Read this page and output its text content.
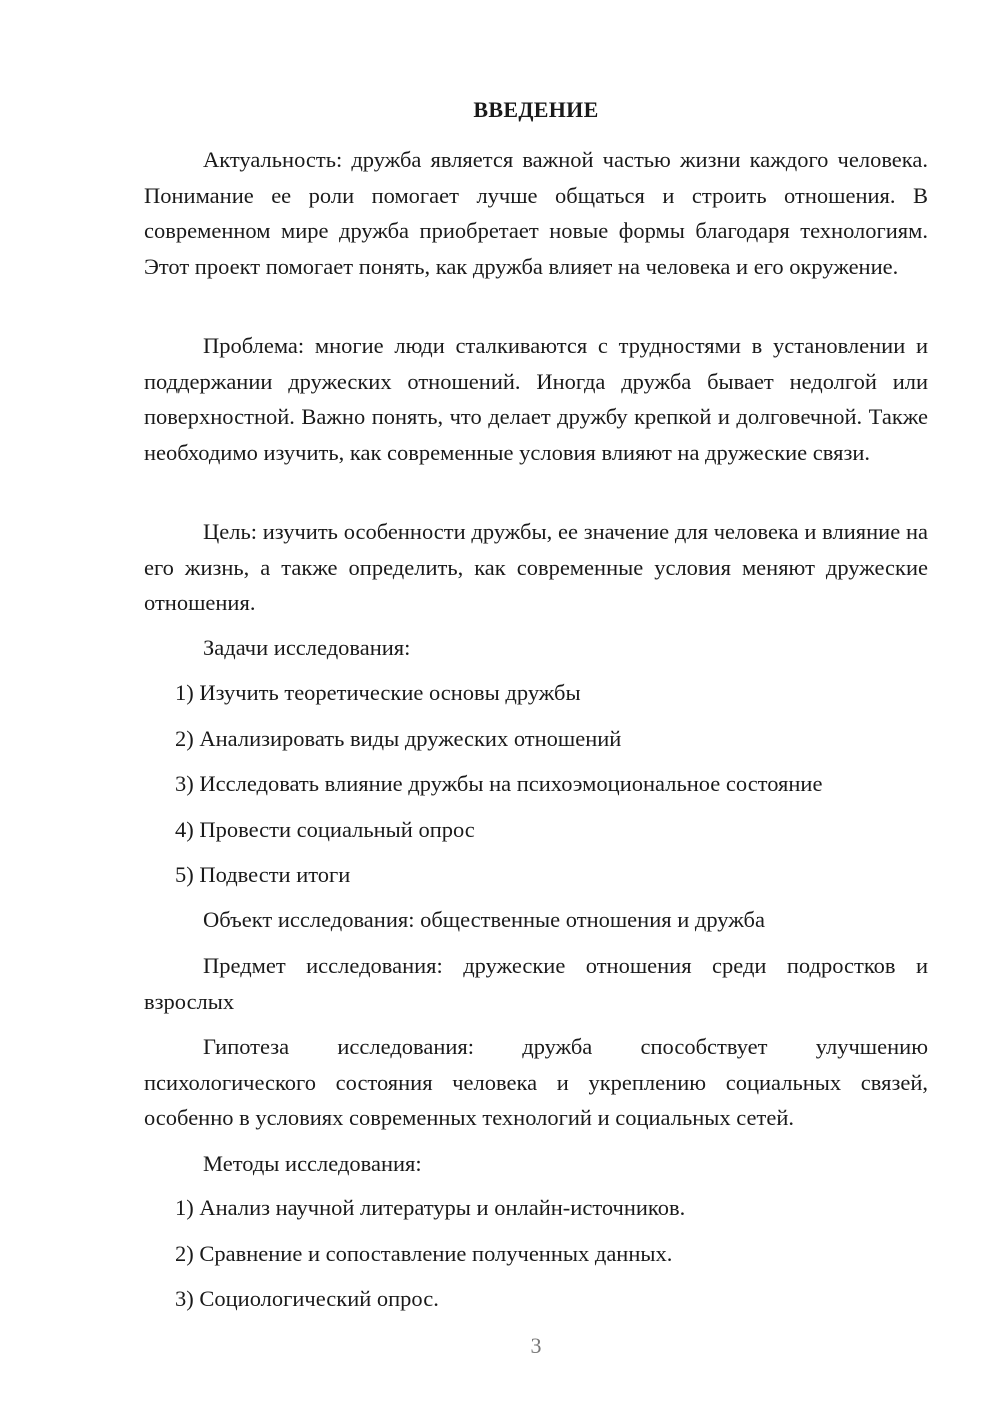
ВВЕДЕНИЕ
Актуальность: дружба является важной частью жизни каждого человека. Понимание ее роли помогает лучше общаться и строить отношения. В современном мире дружба приобретает новые формы благодаря технологиям. Этот проект помогает понять, как дружба влияет на человека и его окружение.
Проблема: многие люди сталкиваются с трудностями в установлении и поддержании дружеских отношений. Иногда дружба бывает недолгой или поверхностной. Важно понять, что делает дружбу крепкой и долговечной. Также необходимо изучить, как современные условия влияют на дружеские связи.
Цель: изучить особенности дружбы, ее значение для человека и влияние на его жизнь, а также определить, как современные условия меняют дружеские отношения.
Задачи исследования:
1) Изучить теоретические основы дружбы
2) Анализировать виды дружеских отношений
3) Исследовать влияние дружбы на психоэмоциональное состояние
4) Провести социальный опрос
5) Подвести итоги
Объект исследования: общественные отношения и дружба
Предмет исследования: дружеские отношения среди подростков и взрослых
Гипотеза исследования: дружба способствует улучшению психологического состояния человека и укреплению социальных связей, особенно в условиях современных технологий и социальных сетей.
Методы исследования:
1) Анализ научной литературы и онлайн-источников.
2) Сравнение и сопоставление полученных данных.
3) Социологический опрос.
3
